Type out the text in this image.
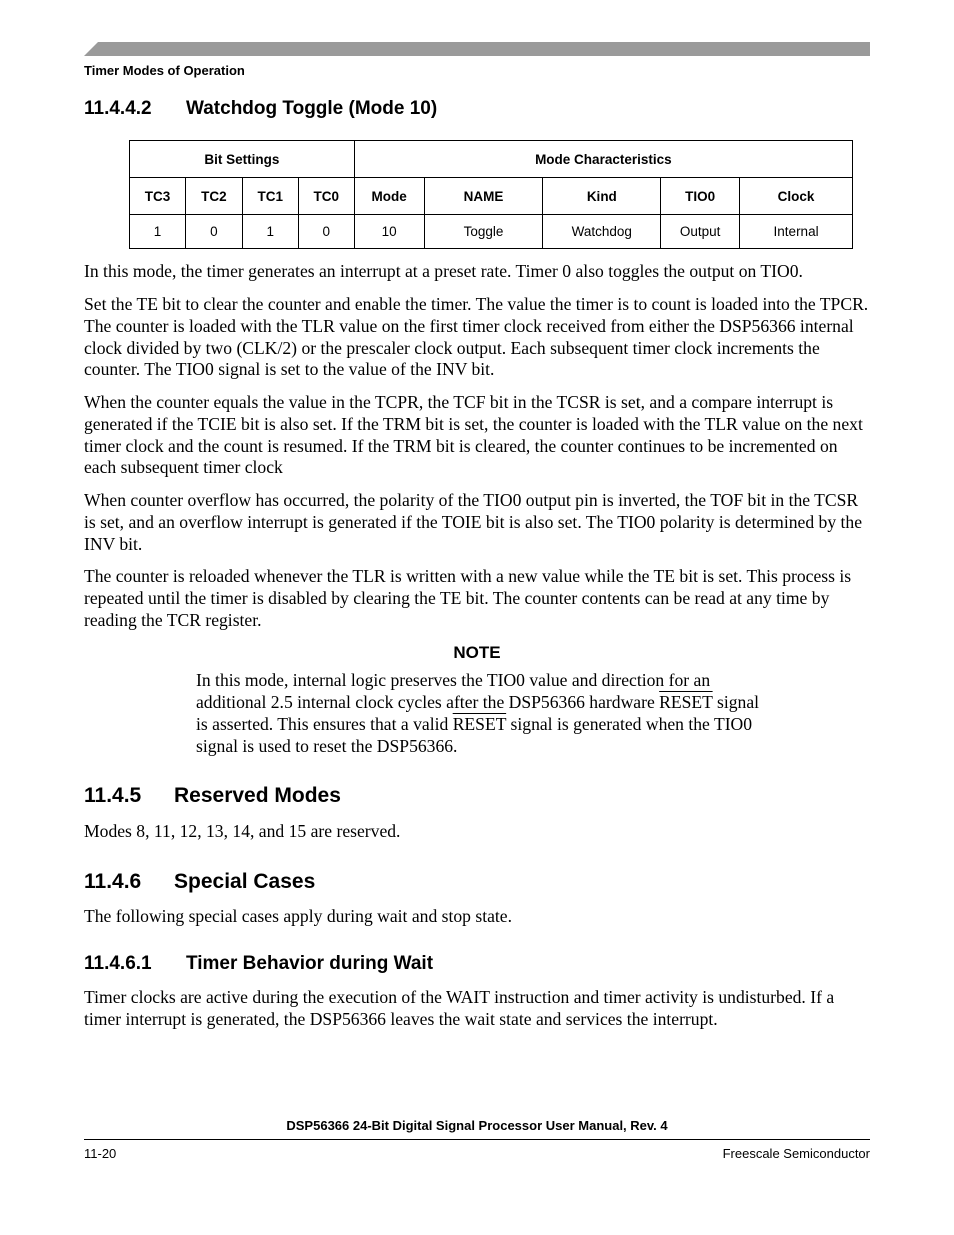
Timer Modes of Operation
11.4.4.2 Watchdog Toggle (Mode 10)
Bit Settings				Mode Characteristics				
TC3	TC2	TC1	TC0	Mode	NAME	Kind	TIO0	Clock
1	0	1	0	10	Toggle	Watchdog	Output	Internal

In this mode, the timer generates an interrupt at a preset rate. Timer 0 also toggles the output on TIO0.

Set the TE bit to clear the counter and enable the timer. The value the timer is to count is loaded into the TPCR. The counter is loaded with the TLR value on the first timer clock received from either the DSP56366 internal clock divided by two (CLK/2) or the prescaler clock output. Each subsequent timer clock increments the counter. The TIO0 signal is set to the value of the INV bit.

When the counter equals the value in the TCPR, the TCF bit in the TCSR is set, and a compare interrupt is generated if the TCIE bit is also set. If the TRM bit is set, the counter is loaded with the TLR value on the next timer clock and the count is resumed. If the TRM bit is cleared, the counter continues to be incremented on each subsequent timer clock

When counter overflow has occurred, the polarity of the TIO0 output pin is inverted, the TOF bit in the TCSR is set, and an overflow interrupt is generated if the TOIE bit is also set. The TIO0 polarity is determined by the INV bit.

The counter is reloaded whenever the TLR is written with a new value while the TE bit is set. This process is repeated until the timer is disabled by clearing the TE bit. The counter contents can be read at any time by reading the TCR register.

NOTE

In this mode, internal logic preserves the TIO0 value and direction for an additional 2.5 internal clock cycles after the DSP56366 hardware RESET signal is asserted. This ensures that a valid RESET signal is generated when the TIO0 signal is used to reset the DSP56366.

11.4.5 Reserved Modes

Modes 8, 11, 12, 13, 14, and 15 are reserved.

11.4.6 Special Cases

The following special cases apply during wait and stop state.

11.4.6.1 Timer Behavior during Wait

Timer clocks are active during the execution of the WAIT instruction and timer activity is undisturbed. If a timer interrupt is generated, the DSP56366 leaves the wait state and services the interrupt.

DSP56366 24-Bit Digital Signal Processor User Manual, Rev. 4
11-20	Freescale Semiconductor
